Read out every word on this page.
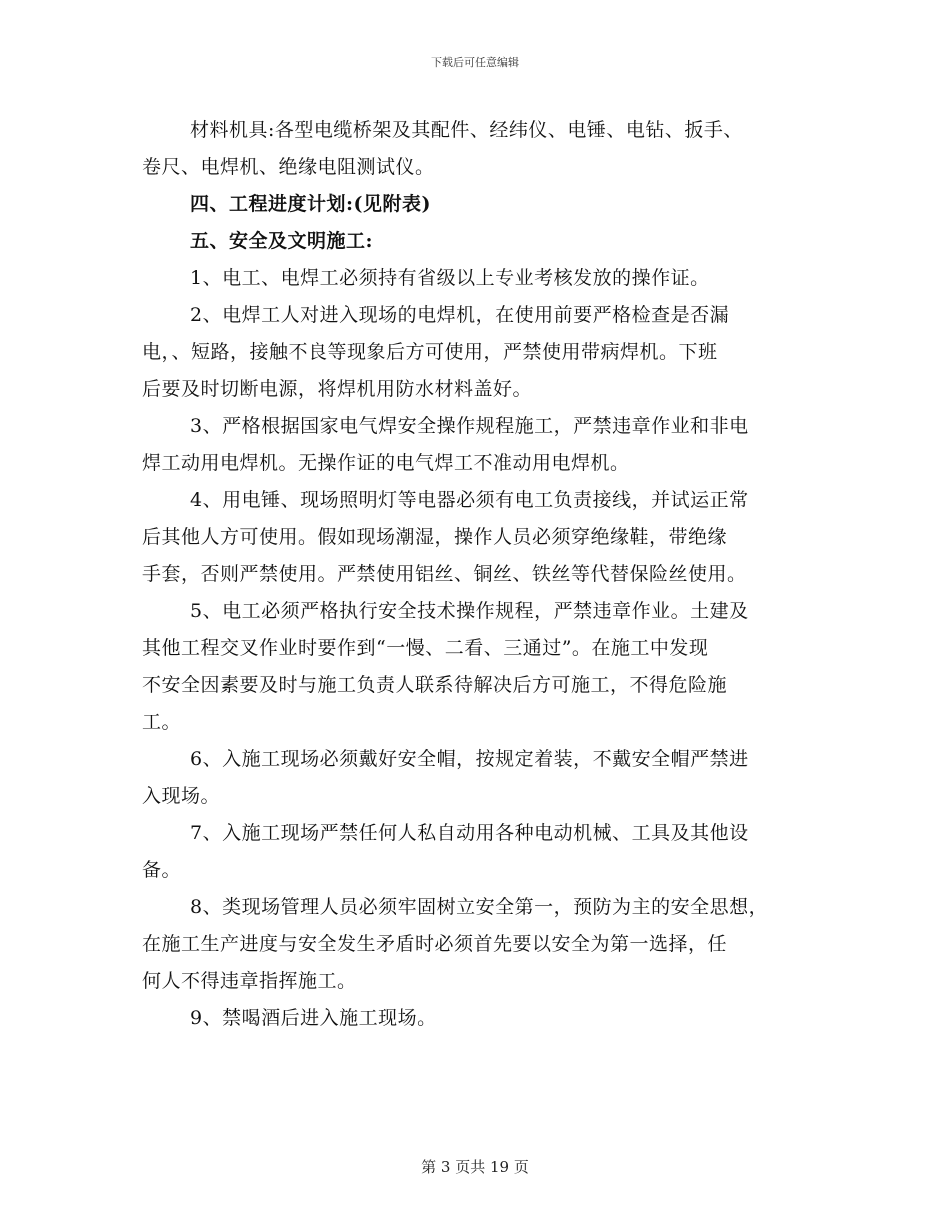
下载后可任意编辑
材料机具:各型电缆桥架及其配件、经纬仪、电锤、电钻、扳手、
卷尺、电焊机、绝缘电阻测试仪。
四、工程进度计划:(见附表)
五、安全及文明施工:
1、电工、电焊工必须持有省级以上专业考核发放的操作证。
2、电焊工人对进入现场的电焊机，在使用前要严格检查是否漏
电，、短路，接触不良等现象后方可使用，严禁使用带病焊机。下班
后要及时切断电源，将焊机用防水材料盖好。
3、严格根据国家电气焊安全操作规程施工，严禁违章作业和非电
焊工动用电焊机。无操作证的电气焊工不准动用电焊机。
4、用电锤、现场照明灯等电器必须有电工负责接线，并试运正常
后其他人方可使用。假如现场潮湿，操作人员必须穿绝缘鞋，带绝缘
手套，否则严禁使用。严禁使用铝丝、铜丝、铁丝等代替保险丝使用。
5、电工必须严格执行安全技术操作规程，严禁违章作业。土建及
其他工程交叉作业时要作到“一慢、二看、三通过”。在施工中发现
不安全因素要及时与施工负责人联系待解决后方可施工，不得危险施
工。
6、入施工现场必须戴好安全帽，按规定着装，不戴安全帽严禁进
入现场。
7、入施工现场严禁任何人私自动用各种电动机械、工具及其他设
备。
8、类现场管理人员必须牢固树立安全第一，预防为主的安全思想，
在施工生产进度与安全发生矛盾时必须首先要以安全为第一选择，任
何人不得违章指挥施工。
9、禁喝酒后进入施工现场。
第 3 页共 19 页
